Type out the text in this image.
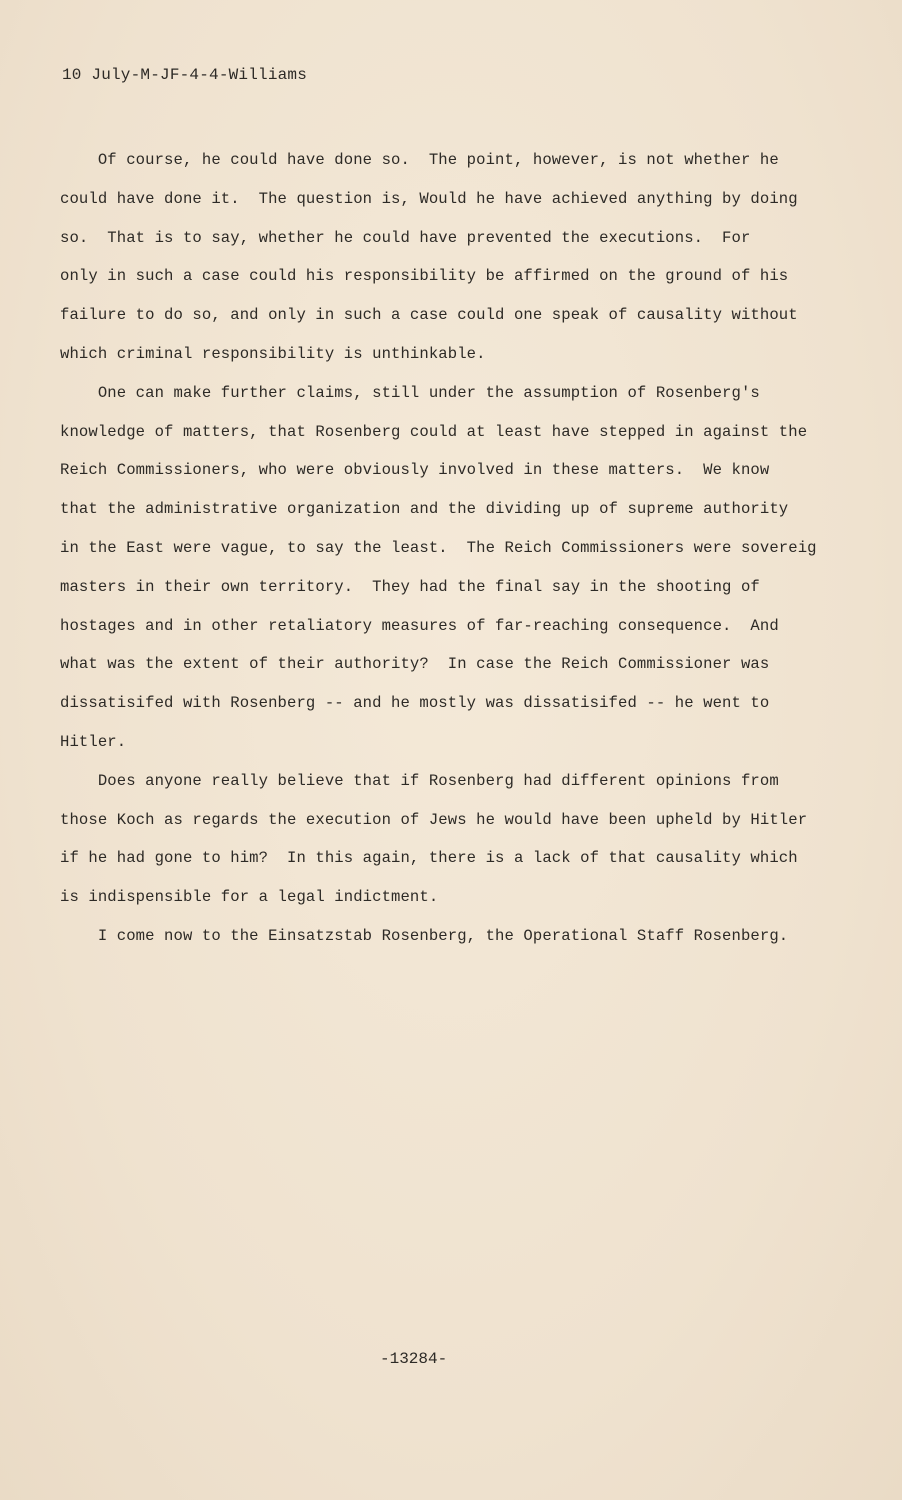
10 July-M-JF-4-4-Williams
Of course, he could have done so.  The point, however, is not whether he
could have done it.  The question is, Would he have achieved anything by doing
so.  That is to say, whether he could have prevented the executions.  For
only in such a case could his responsibility be affirmed on the ground of his
failure to do so, and only in such a case could one speak of causality without
which criminal responsibility is unthinkable.
One can make further claims, still under the assumption of Rosenberg's
knowledge of matters, that Rosenberg could at least have stepped in against the
Reich Commissioners, who were obviously involved in these matters.  We know
that the administrative organization and the dividing up of supreme authority
in the East were vague, to say the least.  The Reich Commissioners were sovereig
masters in their own territory.  They had the final say in the shooting of
hostages and in other retaliatory measures of far-reaching consequence.  And
what was the extent of their authority?  In case the Reich Commissioner was
dissatisifed with Rosenberg -- and he mostly was dissatisifed -- he went to
Hitler.
Does anyone really believe that if Rosenberg had different opinions from
those Koch as regards the execution of Jews he would have been upheld by Hitler
if he had gone to him?  In this again, there is a lack of that causality which
is indispensible for a legal indictment.
I come now to the Einsatzstab Rosenberg, the Operational Staff Rosenberg.
-13284-
